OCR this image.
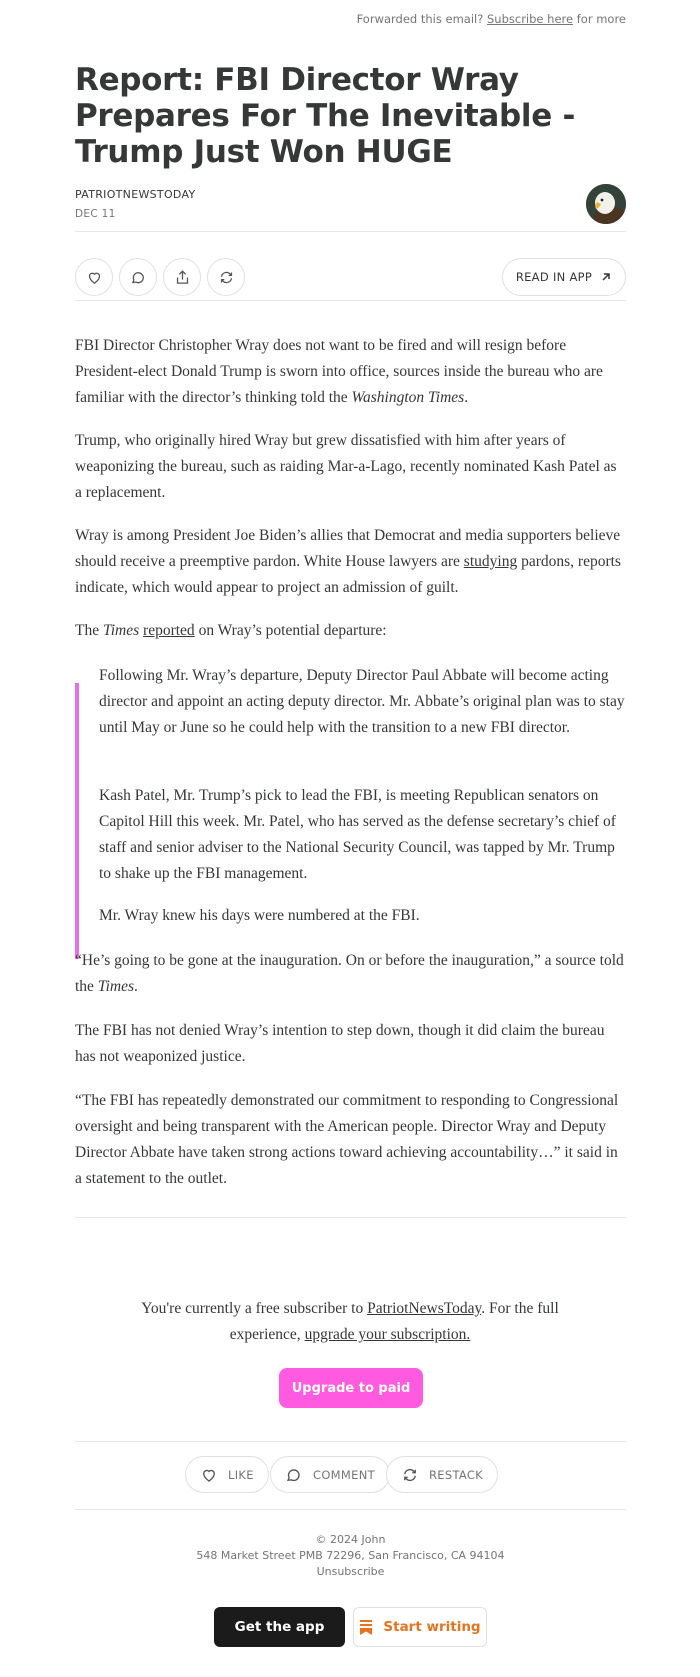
Forwarded this email? Subscribe here for more
Report: FBI Director Wray Prepares For The Inevitable - Trump Just Won HUGE
PATRIOTNEWSTODAY
DEC 11
READ IN APP

FBI Director Christopher Wray does not want to be fired and will resign before President-elect Donald Trump is sworn into office, sources inside the bureau who are familiar with the director’s thinking told the Washington Times.

Trump, who originally hired Wray but grew dissatisfied with him after years of weaponizing the bureau, such as raiding Mar-a-Lago, recently nominated Kash Patel as a replacement.

Wray is among President Joe Biden’s allies that Democrat and media supporters believe should receive a preemptive pardon. White House lawyers are studying pardons, reports indicate, which would appear to project an admission of guilt.

The Times reported on Wray’s potential departure:

Following Mr. Wray’s departure, Deputy Director Paul Abbate will become acting director and appoint an acting deputy director. Mr. Abbate’s original plan was to stay until May or June so he could help with the transition to a new FBI director.

Kash Patel, Mr. Trump’s pick to lead the FBI, is meeting Republican senators on Capitol Hill this week. Mr. Patel, who has served as the defense secretary’s chief of staff and senior adviser to the National Security Council, was tapped by Mr. Trump to shake up the FBI management.

Mr. Wray knew his days were numbered at the FBI.

“He’s going to be gone at the inauguration. On or before the inauguration,” a source told the Times.

The FBI has not denied Wray’s intention to step down, though it did claim the bureau has not weaponized justice.

“The FBI has repeatedly demonstrated our commitment to responding to Congressional oversight and being transparent with the American people. Director Wray and Deputy Director Abbate have taken strong actions toward achieving accountability…” it said in a statement to the outlet.

You're currently a free subscriber to PatriotNewsToday. For the full experience, upgrade your subscription.
Upgrade to paid
LIKE	COMMENT	RESTACK
© 2024 John
548 Market Street PMB 72296, San Francisco, CA 94104
Unsubscribe
Get the app	Start writing
